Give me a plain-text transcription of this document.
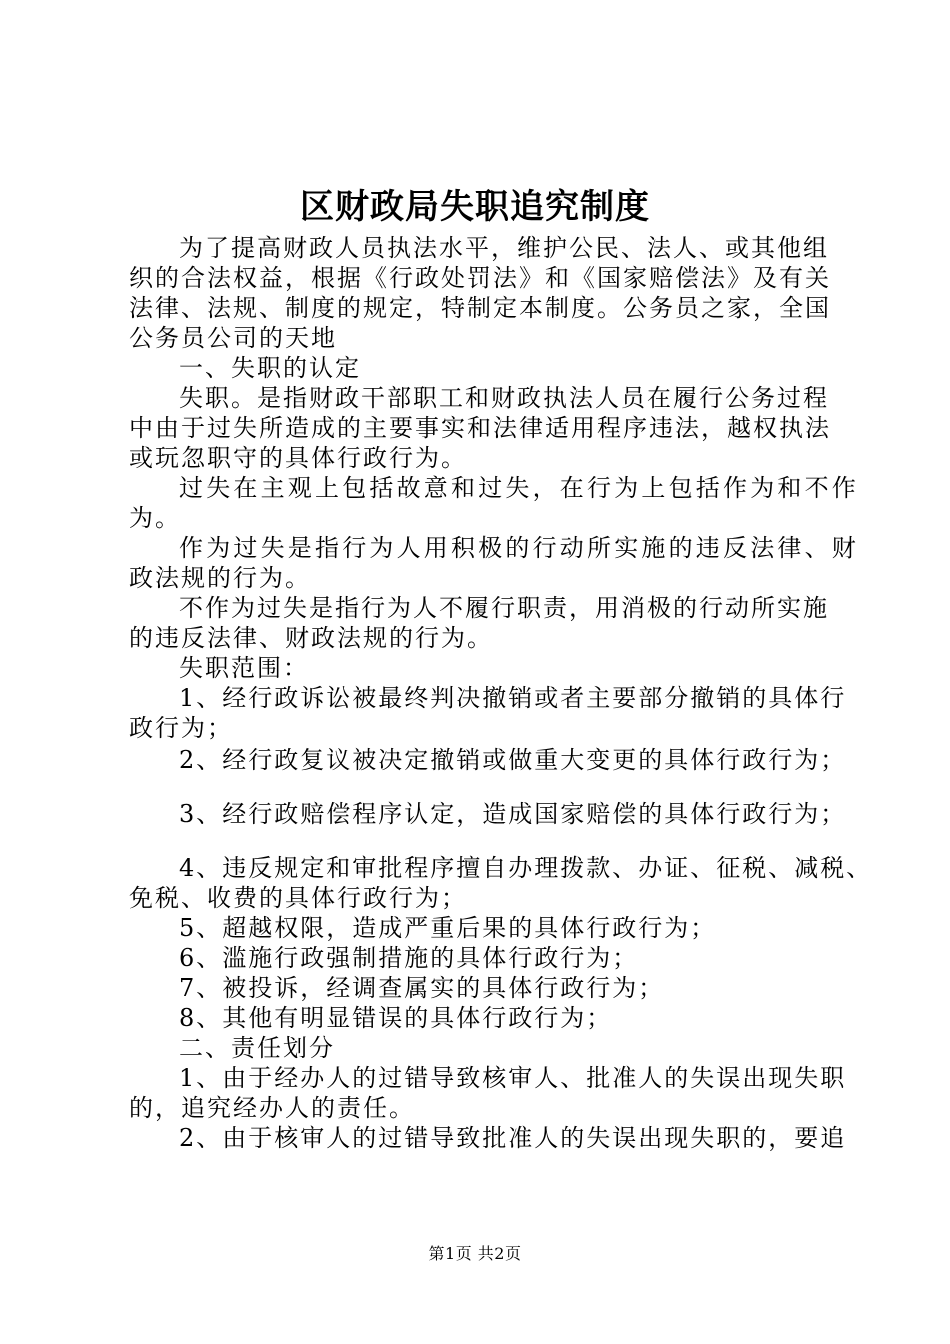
区财政局失职追究制度
为了提高财政人员执法水平，维护公民、法人、或其他组
织的合法权益，根据《行政处罚法》和《国家赔偿法》及有关
法律、法规、制度的规定，特制定本制度。公务员之家，全国
公务员公司的天地
一、失职的认定
失职。是指财政干部职工和财政执法人员在履行公务过程
中由于过失所造成的主要事实和法律适用程序违法，越权执法
或玩忽职守的具体行政行为。
过失在主观上包括故意和过失，在行为上包括作为和不作
为。
作为过失是指行为人用积极的行动所实施的违反法律、财
政法规的行为。
不作为过失是指行为人不履行职责，用消极的行动所实施
的违反法律、财政法规的行为。
失职范围：
1、经行政诉讼被最终判决撤销或者主要部分撤销的具体行
政行为；
2、经行政复议被决定撤销或做重大变更的具体行政行为；
3、经行政赔偿程序认定，造成国家赔偿的具体行政行为；
4、违反规定和审批程序擅自办理拨款、办证、征税、减税、
免税、收费的具体行政行为；
5、超越权限，造成严重后果的具体行政行为；
6、滥施行政强制措施的具体行政行为；
7、被投诉，经调查属实的具体行政行为；
8、其他有明显错误的具体行政行为；
二、责任划分
1、由于经办人的过错导致核审人、批准人的失误出现失职
的，追究经办人的责任。
2、由于核审人的过错导致批准人的失误出现失职的，要追
第1页 共2页
